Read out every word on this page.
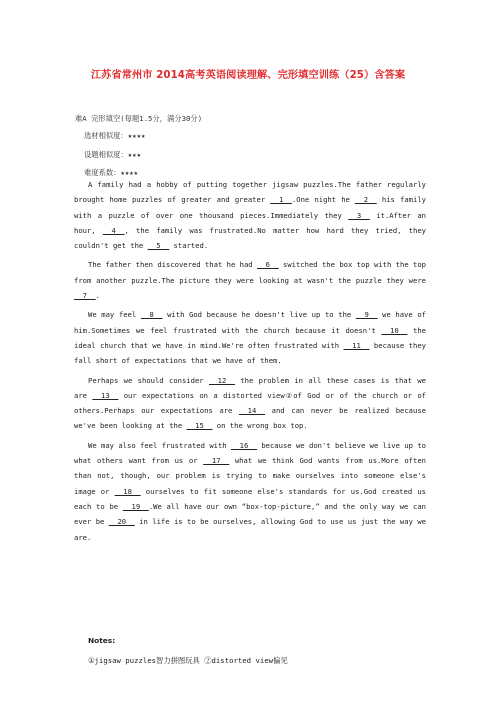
江苏省常州市 2014高考英语阅读理解、完形填空训练（25）含答案
难A 完形填空(每题1.5分，满分30分)
选材相似度：★★★★
设题相似度：★★★
难度系数：★★★★

A family had a hobby of putting together jigsaw puzzles.The father regularly brought home puzzles of greater and greater __1__.One night he __2__ his family with a puzzle of over one thousand pieces.Immediately they __3__ it.After an hour, __4__, the family was frustrated.No matter how hard they tried, they couldn't get the __5__ started.

The father then discovered that he had __6__ switched the box top with the top from another puzzle.The picture they were looking at wasn't the puzzle they were __7__.

We may feel __8__ with God because he doesn't live up to the __9__ we have of him.Sometimes we feel frustrated with the church because it doesn't __10__ the ideal church that we have in mind.We're often frustrated with __11__ because they fall short of expectations that we have of them.

Perhaps we should consider __12__ the problem in all these cases is that we are __13__ our expectations on a distorted view②of God or of the church or of others.Perhaps our expectations are __14__ and can never be realized because we've been looking at the __15__ on the wrong box top.

We may also feel frustrated with __16__ because we don't believe we live up to what others want from us or __17__ what we think God wants from us.More often than not, though, our problem is trying to make ourselves into someone else's image or __18__ ourselves to fit someone else's standards for us.God created us each to be __19__.We all have our own “box-top-picture,” and the only way we can ever be __20__ in life is to be ourselves, allowing God to use us just the way we are.

Notes:
①jigsaw puzzles智力拼图玩具 ②distorted view偏见
